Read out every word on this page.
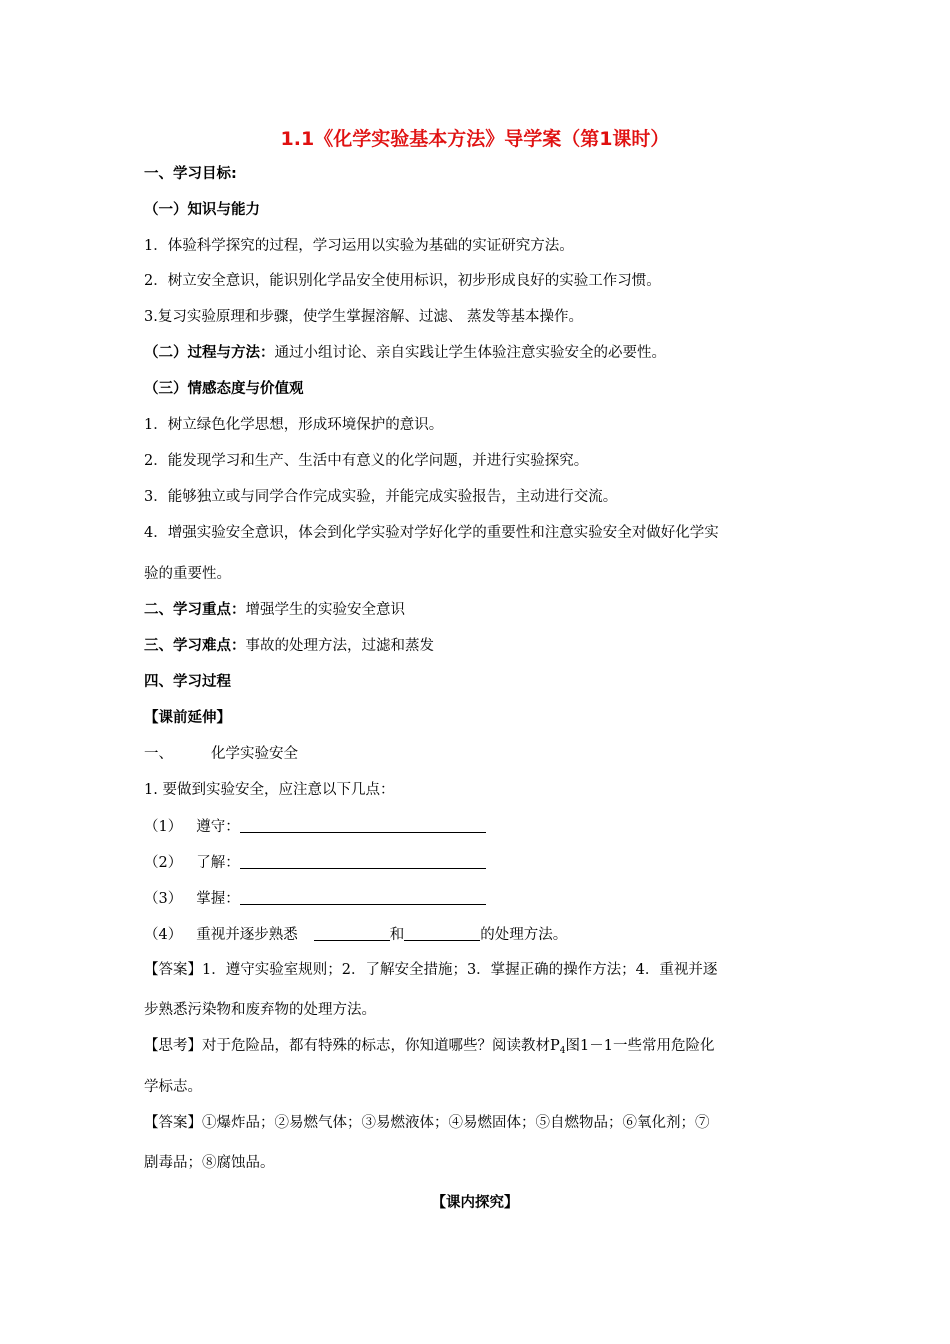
1.1《化学实验基本方法》导学案（第1课时）
一、学习目标:
（一）知识与能力
1．体验科学探究的过程，学习运用以实验为基础的实证研究方法。
2．树立安全意识，能识别化学品安全使用标识，初步形成良好的实验工作习惯。
3.复习实验原理和步骤，使学生掌握溶解、过滤、 蒸发等基本操作。
（二）过程与方法：通过小组讨论、亲自实践让学生体验注意实验安全的必要性。
（三）情感态度与价值观
1．树立绿色化学思想，形成环境保护的意识。
2．能发现学习和生产、生活中有意义的化学问题，并进行实验探究。
3．能够独立或与同学合作完成实验，并能完成实验报告，主动进行交流。
4．增强实验安全意识，体会到化学实验对学好化学的重要性和注意实验安全对做好化学实
验的重要性。
二、学习重点：增强学生的实验安全意识
三、学习难点：事故的处理方法，过滤和蒸发
四、学习过程
【课前延伸】
一、	化学实验安全
1. 要做到实验安全，应注意以下几点：
（1） 遵守：
（2） 了解：
（3） 掌握：
（4） 重视并逐步熟悉	和	的处理方法。
【答案】1．遵守实验室规则；2．了解安全措施；3．掌握正确的操作方法；4．重视并逐
步熟悉污染物和废弃物的处理方法。
【思考】对于危险品，都有特殊的标志，你知道哪些？阅读教材$P_4$图1－1一些常用危险化
学标志。
【答案】①爆炸品；②易燃气体；③易燃液体；④易燃固体；⑤自燃物品；⑥氧化剂；⑦
剧毒品；⑧腐蚀品。
【课内探究】
